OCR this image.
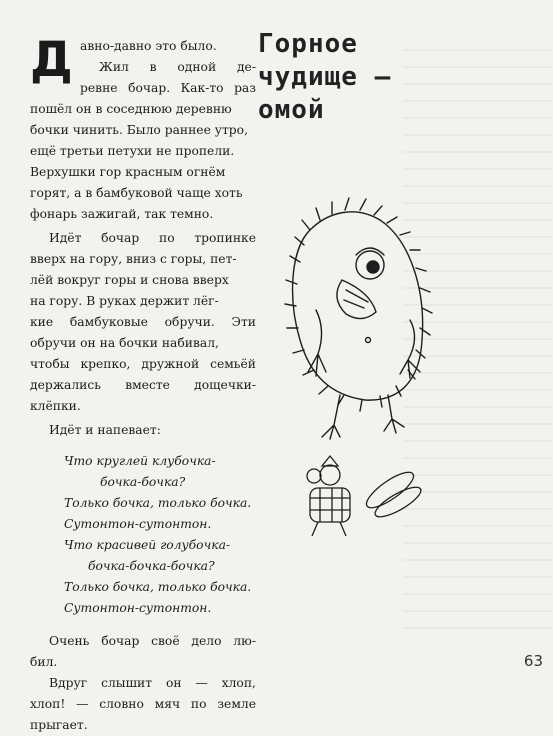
Горное
чудище —
омой
Д авно-давно это было.
Жил в одной де-
ревне бочар. Как-то раз
пошёл он в соседнюю деревню
бочки чинить. Было раннее утро,
ещё третьи петухи не пропели.
Верхушки гор красным огнём
горят, а в бамбуковой чаще хоть
фонарь зажигай, так темно.
Идёт бочар по тропинке
вверх на гору, вниз с горы, пет-
лёй вокруг горы и снова вверх
на гору. В руках держит лёг-
кие бамбуковые обручи. Эти
обручи он на бочки набивал,
чтобы крепко, дружной семьёй
держались вместе дощечки-
клёпки.
Идёт и напевает:
Что круглей клубочка-
бочка-бочка?
Только бочка, только бочка.
Сутонтон-сутонтон.
Что красивей голубочка-
бочка-бочка-бочка?
Только бочка, только бочка.
Сутонтон-сутонтон.
Очень бочар своё дело лю-
бил.
Вдруг слышит он — хлоп,
хлоп! — словно мяч по земле
прыгает.
63
